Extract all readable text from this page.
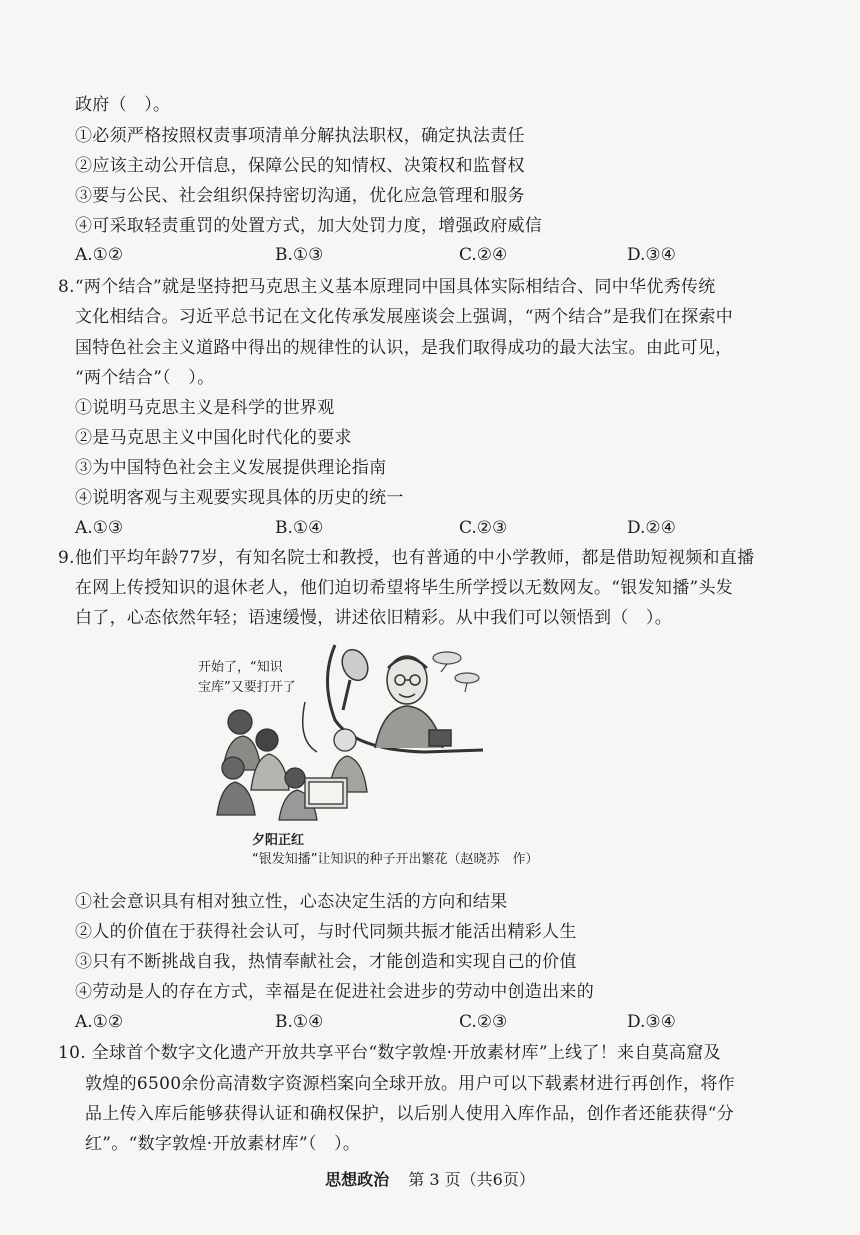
政府（　）。
①必须严格按照权责事项清单分解执法职权，确定执法责任
②应该主动公开信息，保障公民的知情权、决策权和监督权
③要与公民、社会组织保持密切沟通，优化应急管理和服务
④可采取轻责重罚的处置方式，加大处罚力度，增强政府威信
A.①②	B.①③	C.②④	D.③④
8.“两个结合”就是坚持把马克思主义基本原理同中国具体实际相结合、同中华优秀传统
文化相结合。习近平总书记在文化传承发展座谈会上强调，“两个结合”是我们在探索中
国特色社会主义道路中得出的规律性的认识，是我们取得成功的最大法宝。由此可见，
“两个结合”（　）。
①说明马克思主义是科学的世界观
②是马克思主义中国化时代化的要求
③为中国特色社会主义发展提供理论指南
④说明客观与主观要实现具体的历史的统一
A.①③	B.①④	C.②③	D.②④
9.他们平均年龄77岁，有知名院士和教授，也有普通的中小学教师，都是借助短视频和直播
在网上传授知识的退休老人，他们迫切希望将毕生所学授以无数网友。“银发知播”头发
白了，心态依然年轻；语速缓慢，讲述依旧精彩。从中我们可以领悟到（　）。
开始了，“知识
宝库”又要打开了
夕阳正红
“银发知播”让知识的种子开出繁花（赵晓苏　作）
①社会意识具有相对独立性，心态决定生活的方向和结果
②人的价值在于获得社会认可，与时代同频共振才能活出精彩人生
③只有不断挑战自我，热情奉献社会，才能创造和实现自己的价值
④劳动是人的存在方式，幸福是在促进社会进步的劳动中创造出来的
A.①②	B.①④	C.②③	D.③④
10. 全球首个数字文化遗产开放共享平台“数字敦煌·开放素材库”上线了！来自莫高窟及
敦煌的6500余份高清数字资源档案向全球开放。用户可以下载素材进行再创作，将作
品上传入库后能够获得认证和确权保护，以后别人使用入库作品，创作者还能获得“分
红”。“数字敦煌·开放素材库”（　）。
思想政治 第 3 页（共6页）
